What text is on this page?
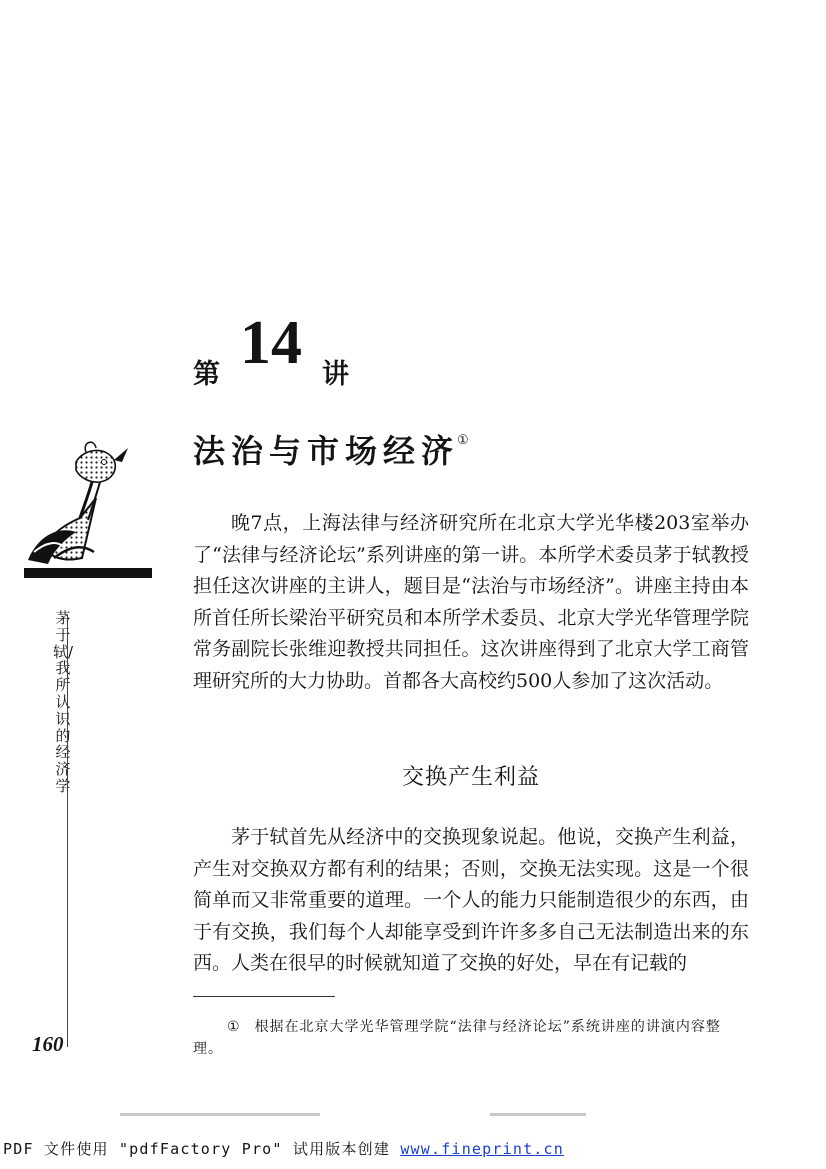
第 14 讲
法治与市场经济①

晚7点，上海法律与经济研究所在北京大学光华楼203室举办了“法律与经济论坛”系列讲座的第一讲。本所学术委员茅于轼教授担任这次讲座的主讲人，题目是“法治与市场经济”。讲座主持由本所首任所长梁治平研究员和本所学术委员、北京大学光华管理学院常务副院长张维迎教授共同担任。这次讲座得到了北京大学工商管理研究所的大力协助。首都各大高校约500人参加了这次活动。

交换产生利益

茅于轼首先从经济中的交换现象说起。他说，交换产生利益，产生对交换双方都有利的结果；否则，交换无法实现。这是一个很简单而又非常重要的道理。一个人的能力只能制造很少的东西，由于有交换，我们每个人却能享受到许许多多自己无法制造出来的东西。人类在很早的时候就知道了交换的好处，早在有记载的

① 根据在北京大学光华管理学院“法律与经济论坛”系统讲座的讲演内容整理。
茅于轼/我所认识的经济学
160
PDF 文件使用 "pdfFactory Pro" 试用版本创建 www.fineprint.cn
